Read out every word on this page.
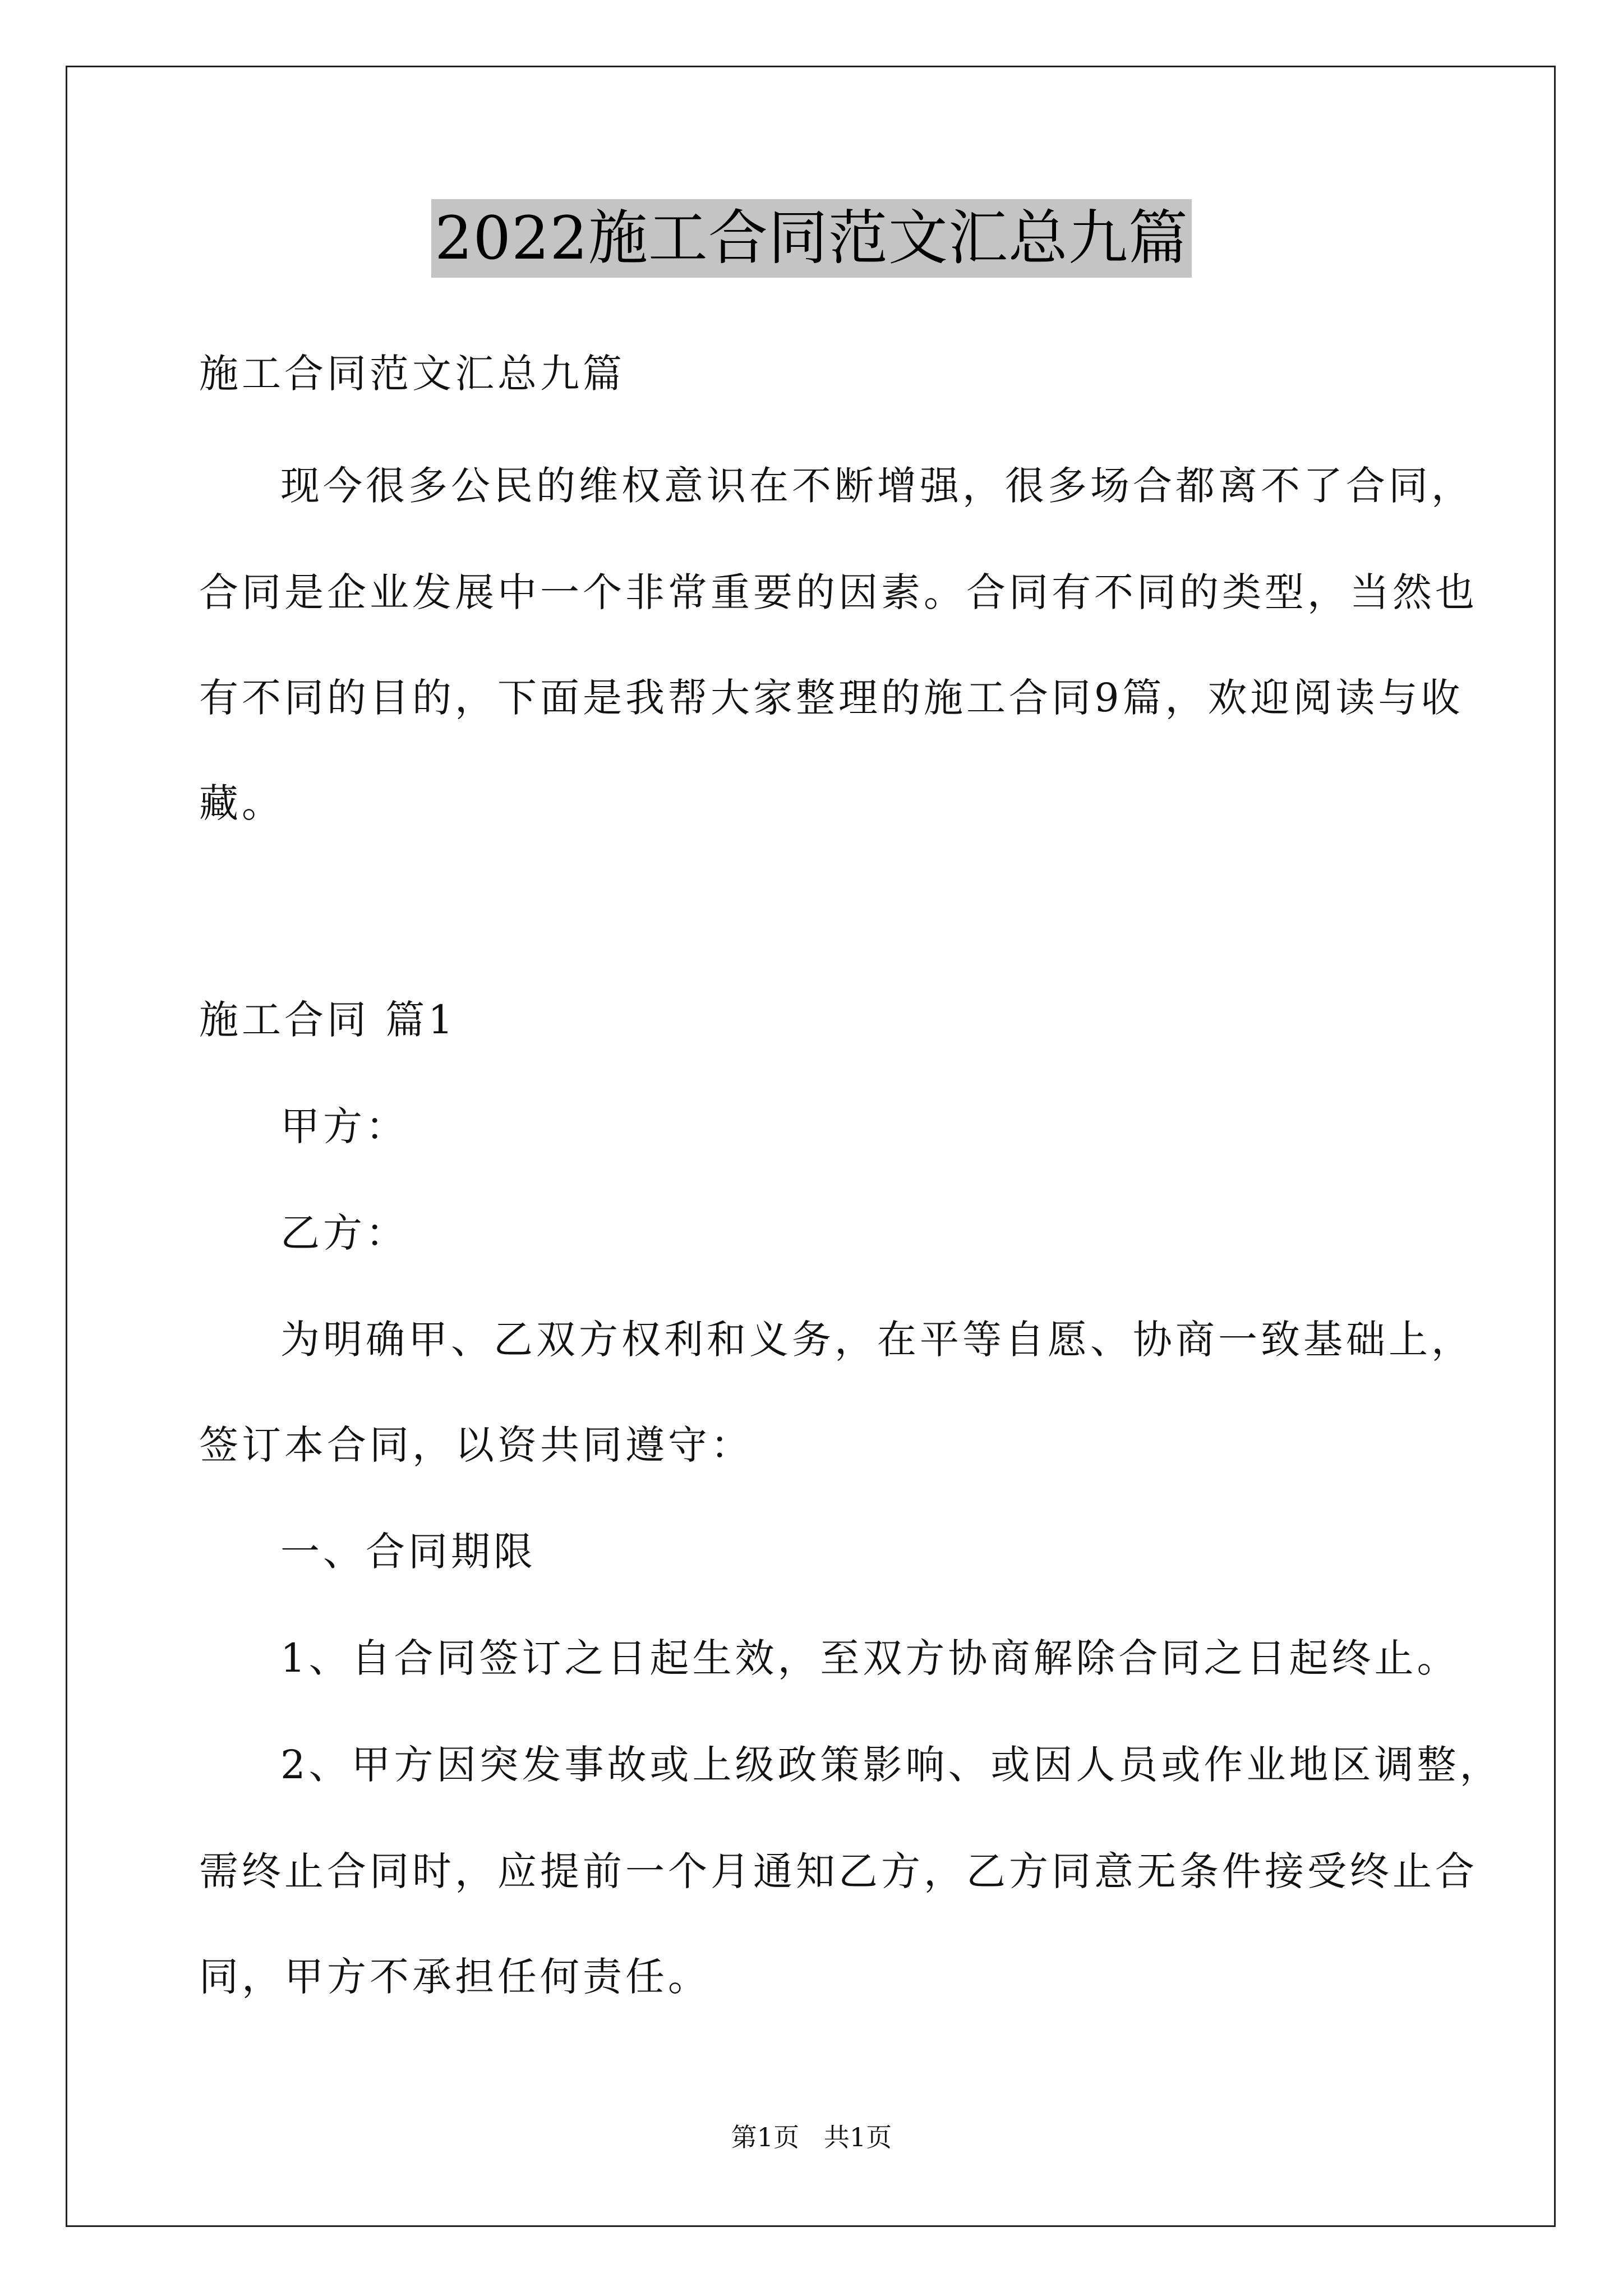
2022施工合同范文汇总九篇
施工合同范文汇总九篇
现今很多公民的维权意识在不断增强，很多场合都离不了合同，
合同是企业发展中一个非常重要的因素。合同有不同的类型，当然也
有不同的目的，下面是我帮大家整理的施工合同9篇，欢迎阅读与收
藏。
施工合同 篇1
甲方：
乙方：
为明确甲、乙双方权利和义务，在平等自愿、协商一致基础上，
签订本合同，以资共同遵守：
一、合同期限
1、自合同签订之日起生效，至双方协商解除合同之日起终止。
2、甲方因突发事故或上级政策影响、或因人员或作业地区调整，
需终止合同时，应提前一个月通知乙方，乙方同意无条件接受终止合
同，甲方不承担任何责任。
第1页   共1页
